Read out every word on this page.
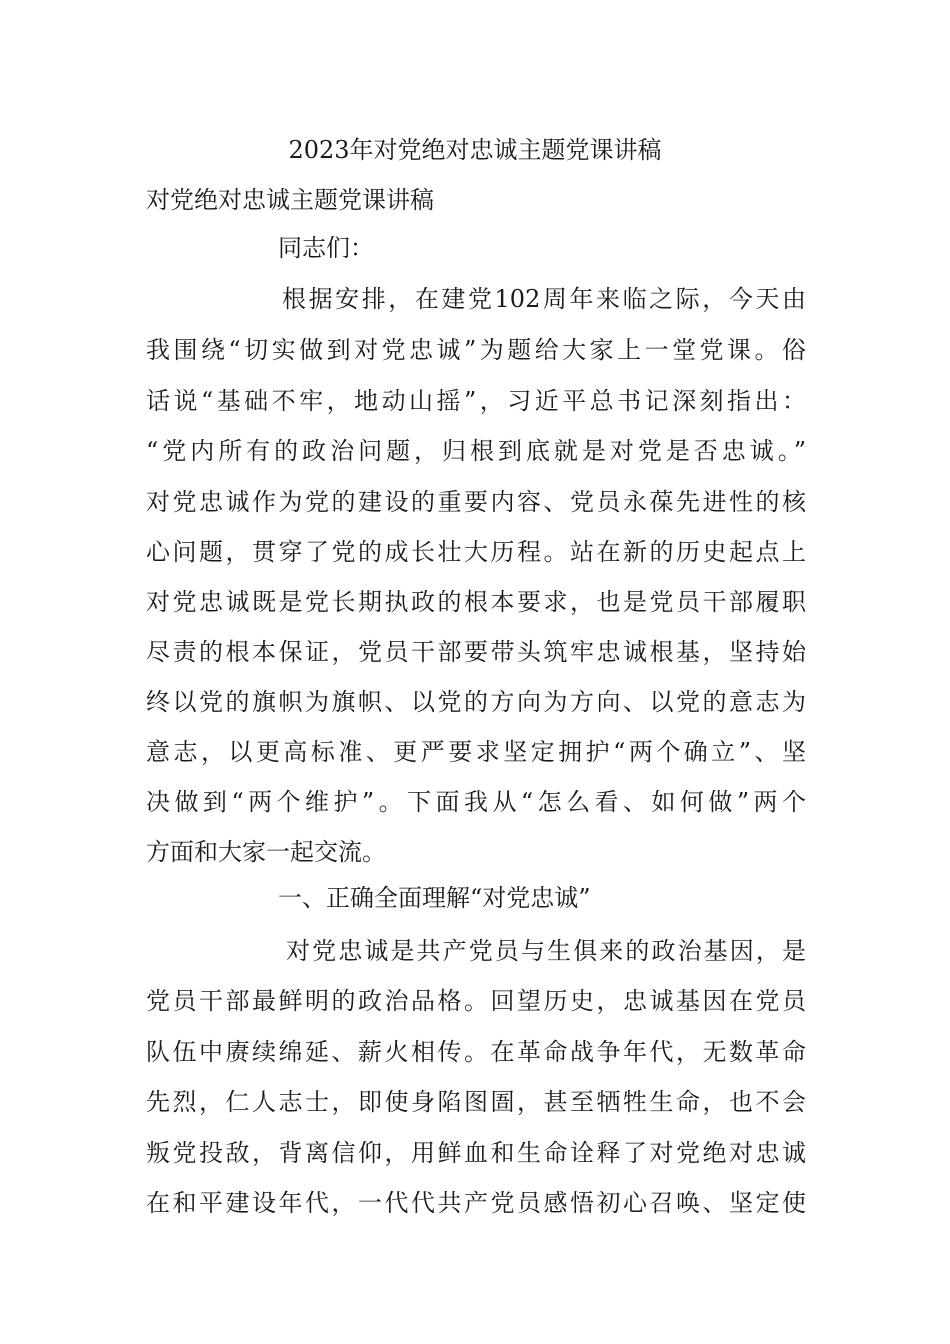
2023年对党绝对忠诚主题党课讲稿
对党绝对忠诚主题党课讲稿
同志们：
根据安排，在建党102周年来临之际，今天由
我围绕“切实做到对党忠诚”为题给大家上一堂党课。俗
话说“基础不牢，地动山摇”，习近平总书记深刻指出：
“党内所有的政治问题，归根到底就是对党是否忠诚。”
对党忠诚作为党的建设的重要内容、党员永葆先进性的核
心问题，贯穿了党的成长壮大历程。站在新的历史起点上
对党忠诚既是党长期执政的根本要求，也是党员干部履职
尽责的根本保证，党员干部要带头筑牢忠诚根基，坚持始
终以党的旗帜为旗帜、以党的方向为方向、以党的意志为
意志，以更高标准、更严要求坚定拥护“两个确立”、坚
决做到“两个维护”。下面我从“怎么看、如何做”两个
方面和大家一起交流。
一、正确全面理解“对党忠诚”
对党忠诚是共产党员与生俱来的政治基因，是
党员干部最鲜明的政治品格。回望历史，忠诚基因在党员
队伍中赓续绵延、薪火相传。在革命战争年代，无数革命
先烈，仁人志士，即使身陷图圄，甚至牺牲生命，也不会
叛党投敌，背离信仰，用鲜血和生命诠释了对党绝对忠诚
在和平建设年代，一代代共产党员感悟初心召唤、坚定使
